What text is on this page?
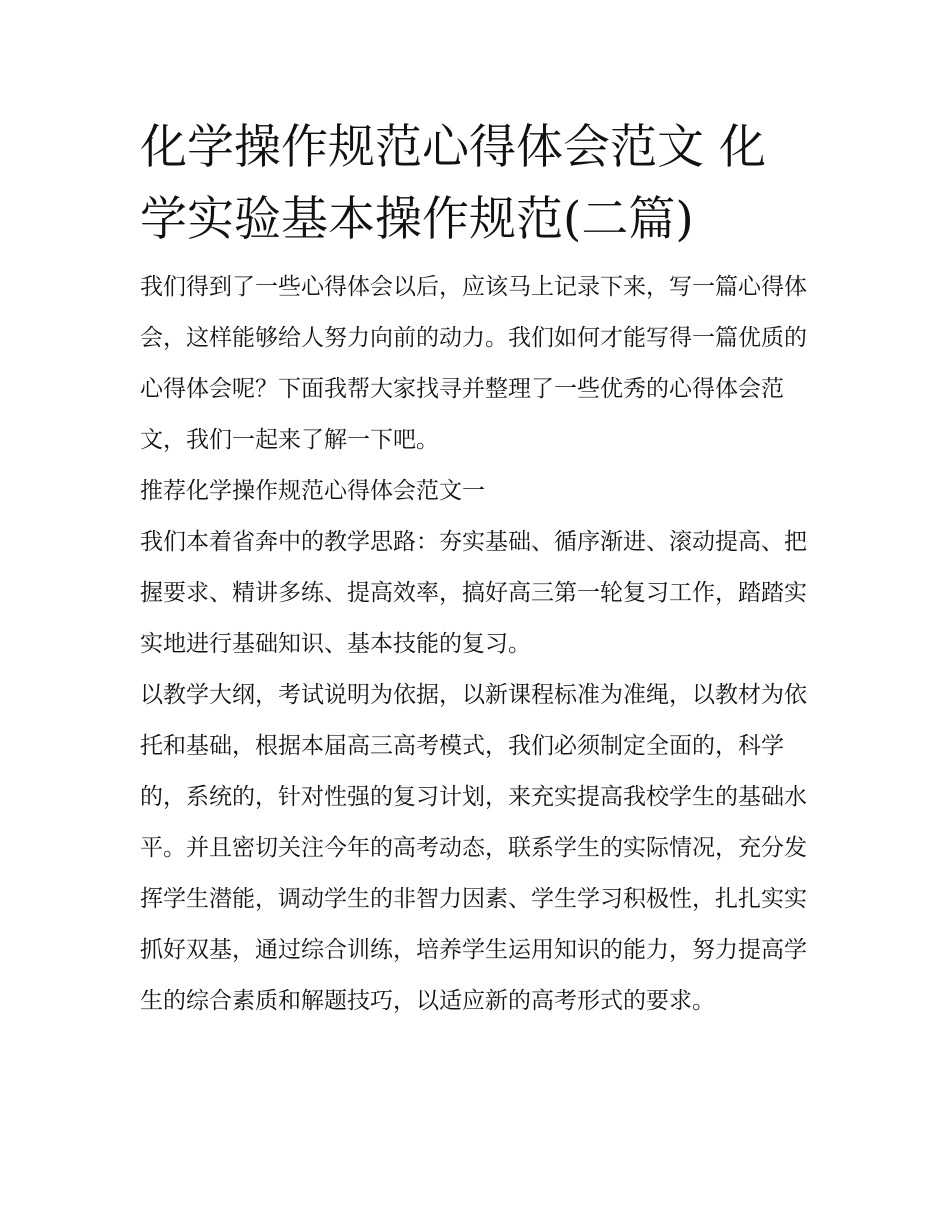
化学操作规范心得体会范文 化学实验基本操作规范(二篇)

我们得到了一些心得体会以后，应该马上记录下来，写一篇心得体会，这样能够给人努力向前的动力。我们如何才能写得一篇优质的心得体会呢？下面我帮大家找寻并整理了一些优秀的心得体会范文，我们一起来了解一下吧。

推荐化学操作规范心得体会范文一

我们本着省奔中的教学思路：夯实基础、循序渐进、滚动提高、把握要求、精讲多练、提高效率，搞好高三第一轮复习工作，踏踏实实地进行基础知识、基本技能的复习。

以教学大纲，考试说明为依据，以新课程标准为准绳，以教材为依托和基础，根据本届高三高考模式，我们必须制定全面的，科学的，系统的，针对性强的复习计划，来充实提高我校学生的基础水平。并且密切关注今年的高考动态，联系学生的实际情况，充分发挥学生潜能，调动学生的非智力因素、学生学习积极性，扎扎实实抓好双基，通过综合训练，培养学生运用知识的能力，努力提高学生的综合素质和解题技巧，以适应新的高考形式的要求。
